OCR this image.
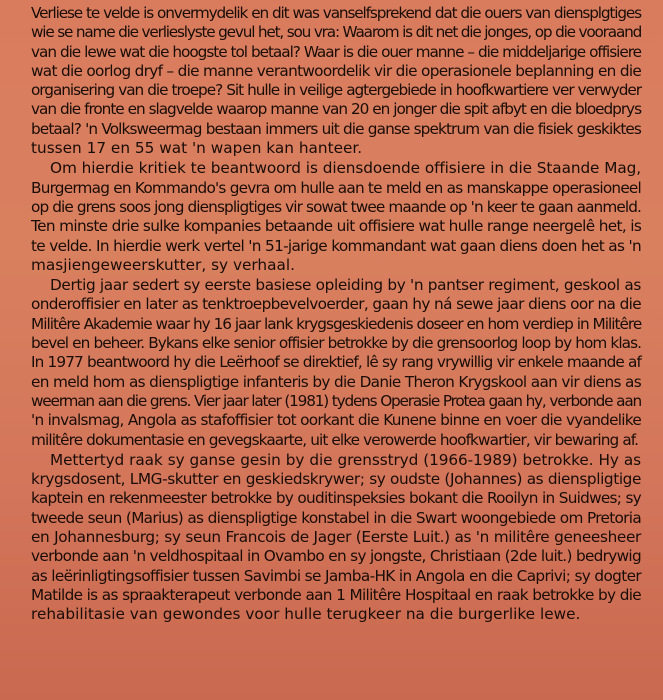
Verliese te velde is onvermydelik en dit was vanselfsprekend dat die ouers van diensplgtiges
wie se name die verlieslyste gevul het, sou vra: Waarom is dit net die jonges, op die vooraand
van die lewe wat die hoogste tol betaal? Waar is die ouer manne – die middeljarige offisiere
wat die oorlog dryf – die manne verantwoordelik vir die operasionele beplanning en die
organisering van die troepe? Sit hulle in veilige agtergebiede in hoofkwartiere ver verwyder
van die fronte en slagvelde waarop manne van 20 en jonger die spit afbyt en die bloedprys
betaal? 'n Volksweermag bestaan immers uit die ganse spektrum van die fisiek geskiktes
tussen 17 en 55 wat 'n wapen kan hanteer.
Om hierdie kritiek te beantwoord is diensdoende offisiere in die Staande Mag,
Burgermag en Kommando's gevra om hulle aan te meld en as manskappe operasioneel
op die grens soos jong dienspligtiges vir sowat twee maande op 'n keer te gaan aanmeld.
Ten minste drie sulke kompanies betaande uit offisiere wat hulle range neergelê het, is
te velde. In hierdie werk vertel 'n 51-jarige kommandant wat gaan diens doen het as 'n
masjiengeweerskutter, sy verhaal.
Dertig jaar sedert sy eerste basiese opleiding by 'n pantser regiment, geskool as
onderoffisier en later as tenktroepbevelvoerder, gaan hy ná sewe jaar diens oor na die
Militêre Akademie waar hy 16 jaar lank krygsgeskiedenis doseer en hom verdiep in Militêre
bevel en beheer. Bykans elke senior offisier betrokke by die grensoorlog loop by hom klas.
In 1977 beantwoord hy die Leërhoof se direktief, lê sy rang vrywillig vir enkele maande af
en meld hom as dienspligtige infanteris by die Danie Theron Krygskool aan vir diens as
weerman aan die grens. Vier jaar later (1981) tydens Operasie Protea gaan hy, verbonde aan
'n invalsmag, Angola as stafoffisier tot oorkant die Kunene binne en voer die vyandelike
militêre dokumentasie en gevegskaarte, uit elke verowerde hoofkwartier, vir bewaring af.
Mettertyd raak sy ganse gesin by die grensstryd (1966-1989) betrokke. Hy as
krygsdosent, LMG-skutter en geskiedskrywer; sy oudste (Johannes) as dienspligtige
kaptein en rekenmeester betrokke by ouditinspeksies bokant die Rooilyn in Suidwes; sy
tweede seun (Marius) as dienspligtige konstabel in die Swart woongebiede om Pretoria
en Johannesburg; sy seun Francois de Jager (Eerste Luit.) as 'n militêre geneesheer
verbonde aan 'n veldhospitaal in Ovambo en sy jongste, Christiaan (2de luit.) bedrywig
as leërinligtingsoffisier tussen Savimbi se Jamba-HK in Angola en die Caprivi; sy dogter
Matilde is as spraakterapeut verbonde aan 1 Militêre Hospitaal en raak betrokke by die
rehabilitasie van gewondes voor hulle terugkeer na die burgerlike lewe.
